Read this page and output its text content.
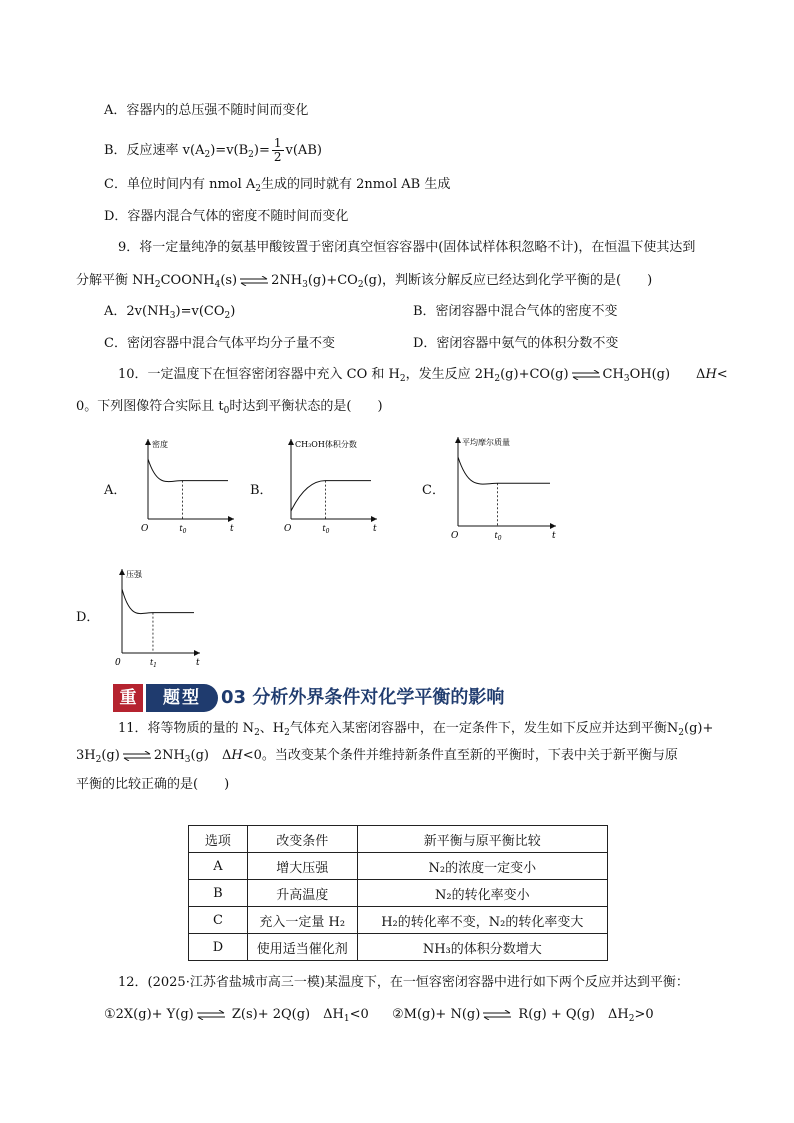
A．容器内的总压强不随时间而变化
B．反应速率 $v(A_2)=v(B_2)= \frac{1}{2} v(AB)$
C．单位时间内有 nmol $A_2$生成的同时就有 2nmol AB 生成
D．容器内混合气体的密度不随时间而变化
9．将一定量纯净的氨基甲酸铵置于密闭真空恒容容器中(固体试样体积忽略不计)，在恒温下使其达到
分解平衡 $NH_2COONH_4(s)$ ⇌ $2NH_3(g)+CO_2(g)$，判断该分解反应已经达到化学平衡的是(　　)
A．$2v(NH_3)=v(CO_2)$	B．密闭容器中混合气体的密度不变
C．密闭容器中混合气体平均分子量不变	D．密闭容器中氨气的体积分数不变
10．一定温度下在恒容密闭容器中充入 CO 和 $H_2$，发生反应 $2H_2(g)+CO(g)$ ⇌ $CH_3OH(g)$　　ΔH<
0。下列图像符合实际且 $t_0$时达到平衡状态的是(　　)
A．	B．	C．
D．
密度
O	t
$t_0$
CH₃OH体积分数
O	t
$t_0$
平均摩尔质量
O	t
$t_0$
压强
0	t
$t_1$
重	题型	03 分析外界条件对化学平衡的影响
11．将等物质的量的 $N_2$、$H_2$气体充入某密闭容器中，在一定条件下，发生如下反应并达到平衡$N_2(g)+$
$3H_2(g)$ ⇌ $2NH_3(g)$　ΔH<0。当改变某个条件并维持新条件直至新的平衡时，下表中关于新平衡与原
平衡的比较正确的是(　　)
选项	改变条件	新平衡与原平衡比较
A	增大压强	N₂的浓度一定变小
B	升高温度	N₂的转化率变小
C	充入一定量 H₂	H₂的转化率不变，N₂的转化率变大
D	使用适当催化剂	NH₃的体积分数增大
12．(2025·江苏省盐城市高三一模)某温度下，在一恒容密闭容器中进行如下两个反应并达到平衡：
①2X(g)+ Y(g) ⇌ Z(s)+ 2Q(g)　$\Delta H_1<0$ ②M(g)+ N(g) ⇌ R(g) + Q(g)　$\Delta H_2>0$
